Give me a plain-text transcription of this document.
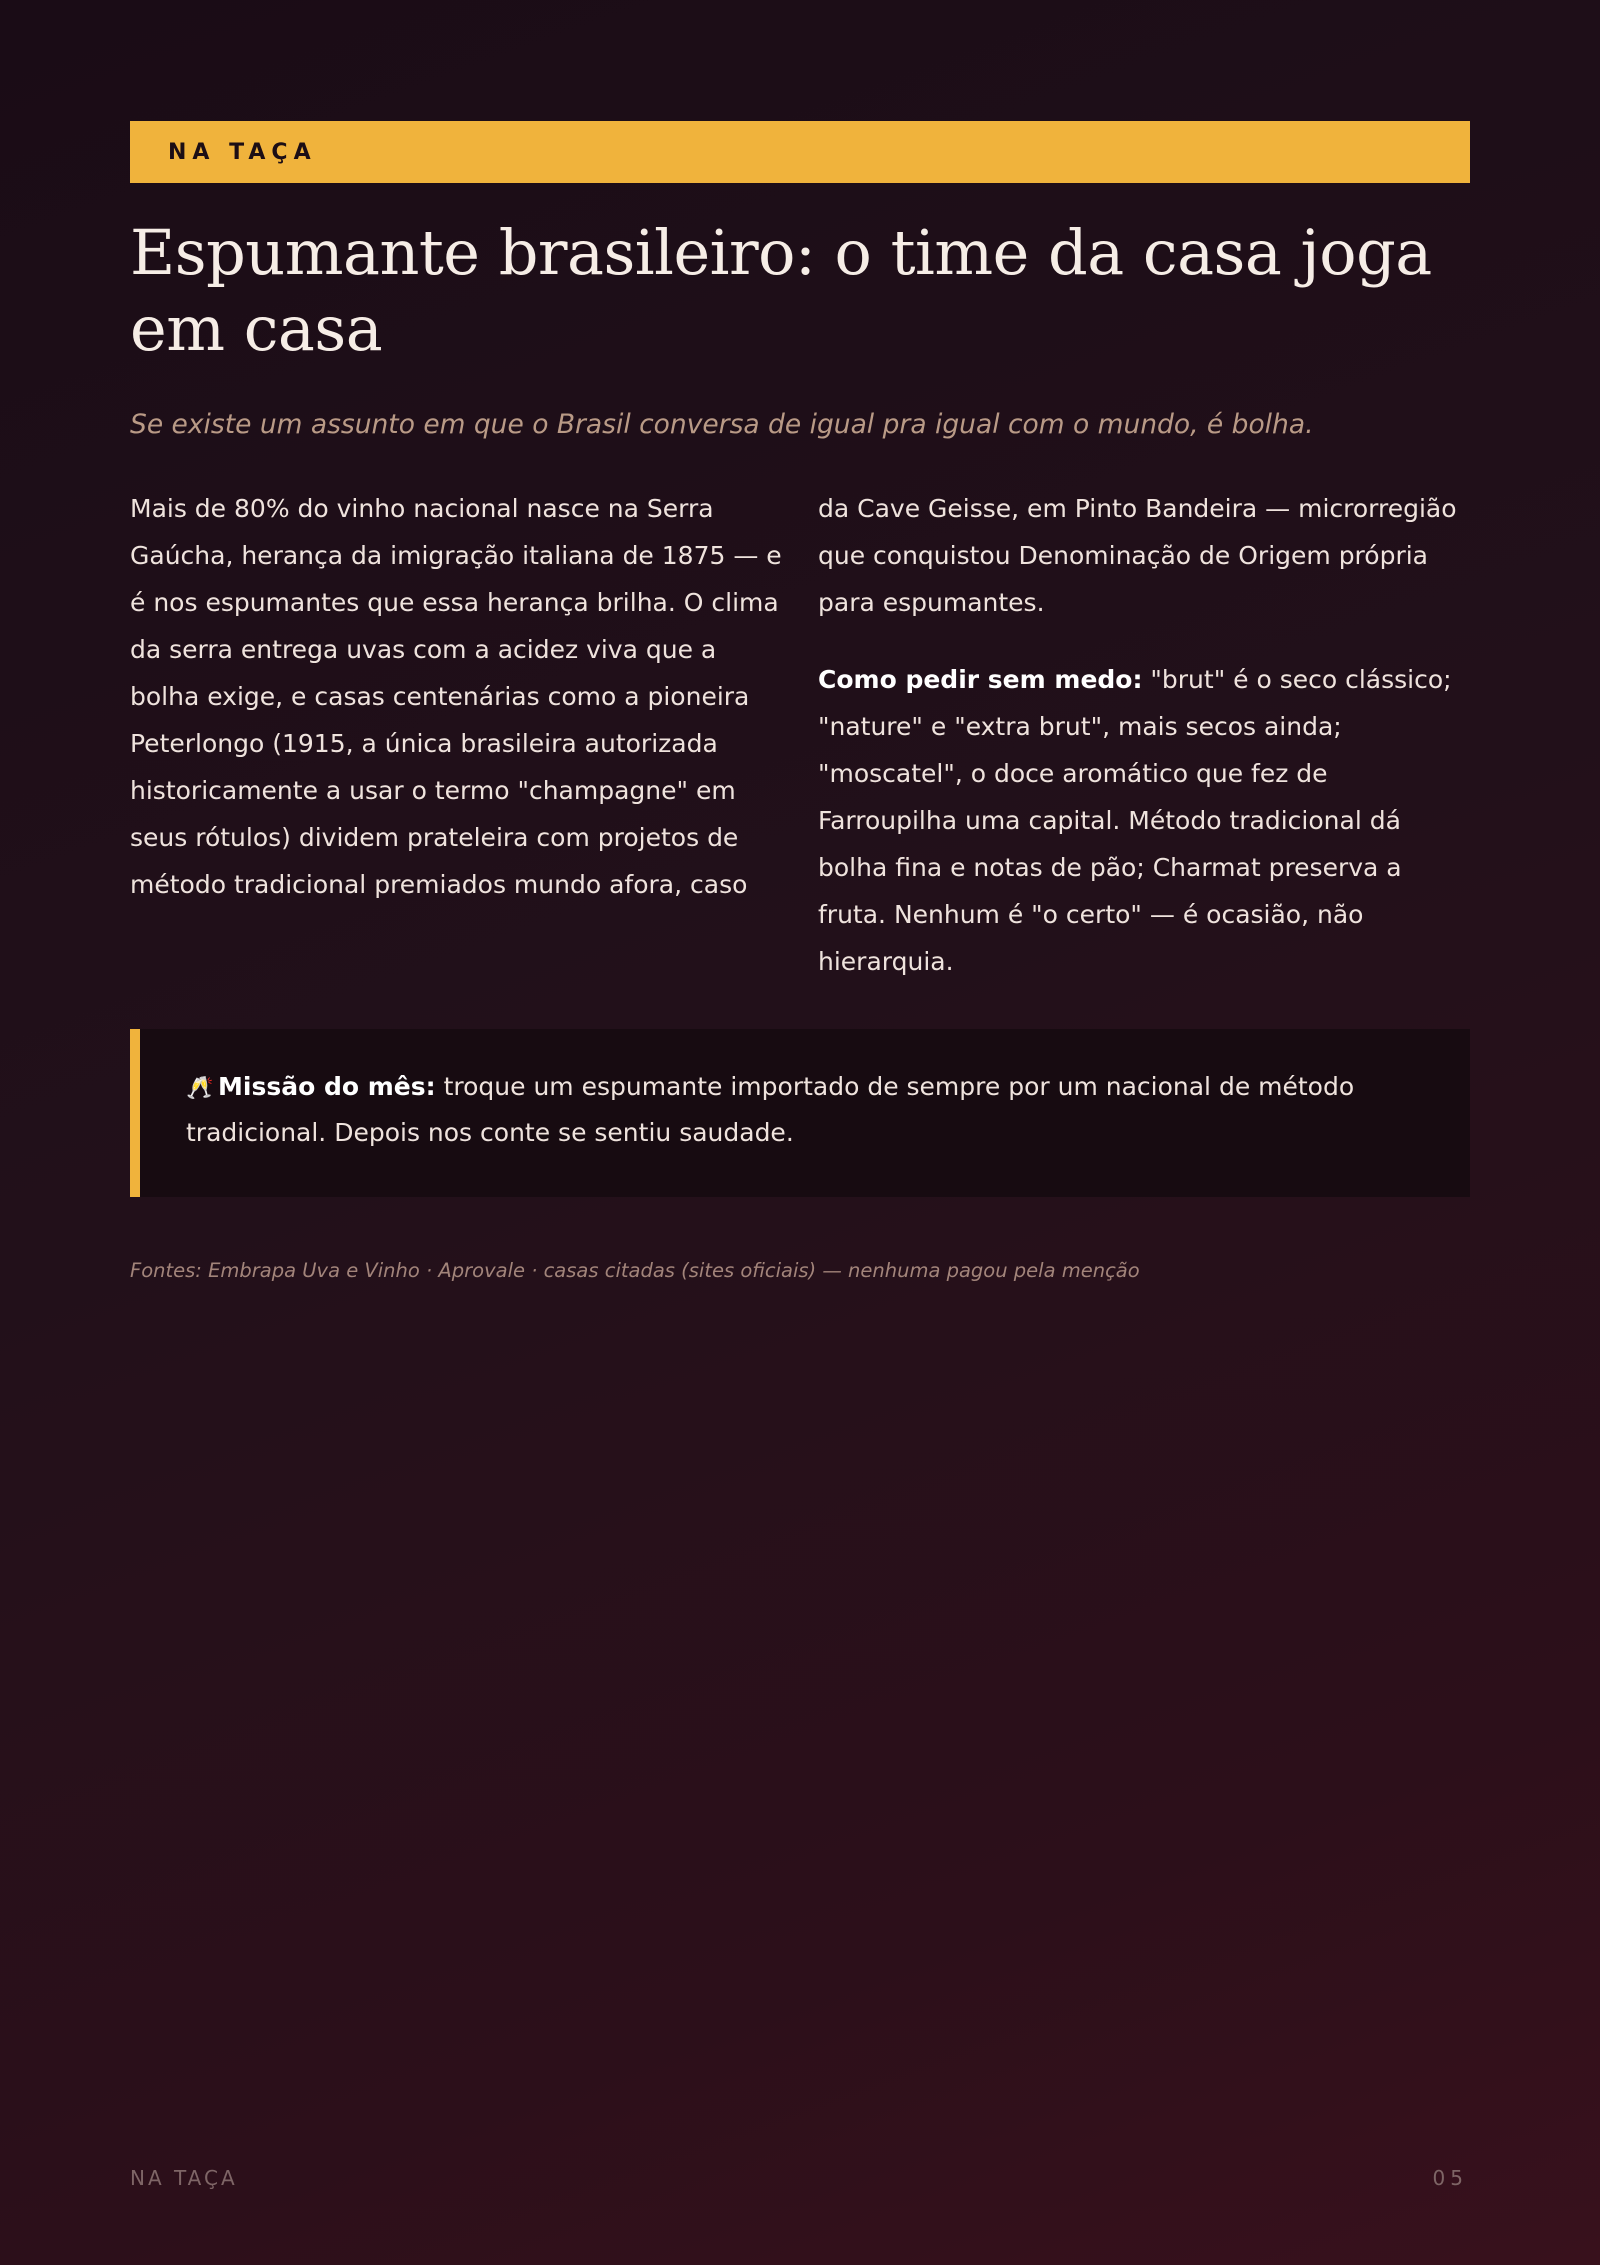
NA TAÇA
Espumante brasileiro: o time da casa joga em casa
Se existe um assunto em que o Brasil conversa de igual pra igual com o mundo, é bolha.

Mais de 80% do vinho nacional nasce na Serra Gaúcha, herança da imigração italiana de 1875 — e é nos espumantes que essa herança brilha. O clima da serra entrega uvas com a acidez viva que a bolha exige, e casas centenárias como a pioneira Peterlongo (1915, a única brasileira autorizada historicamente a usar o termo "champagne" em seus rótulos) dividem prateleira com projetos de método tradicional premiados mundo afora, caso

da Cave Geisse, em Pinto Bandeira — microrregião que conquistou Denominação de Origem própria para espumantes.

Como pedir sem medo: "brut" é o seco clássico; "nature" e "extra brut", mais secos ainda; "moscatel", o doce aromático que fez de Farroupilha uma capital. Método tradicional dá bolha fina e notas de pão; Charmat preserva a fruta. Nenhum é "o certo" — é ocasião, não hierarquia.

🥂 Missão do mês: troque um espumante importado de sempre por um nacional de método tradicional. Depois nos conte se sentiu saudade.
Fontes: Embrapa Uva e Vinho · Aprovale · casas citadas (sites oficiais) — nenhuma pagou pela menção
NA TAÇA	05
